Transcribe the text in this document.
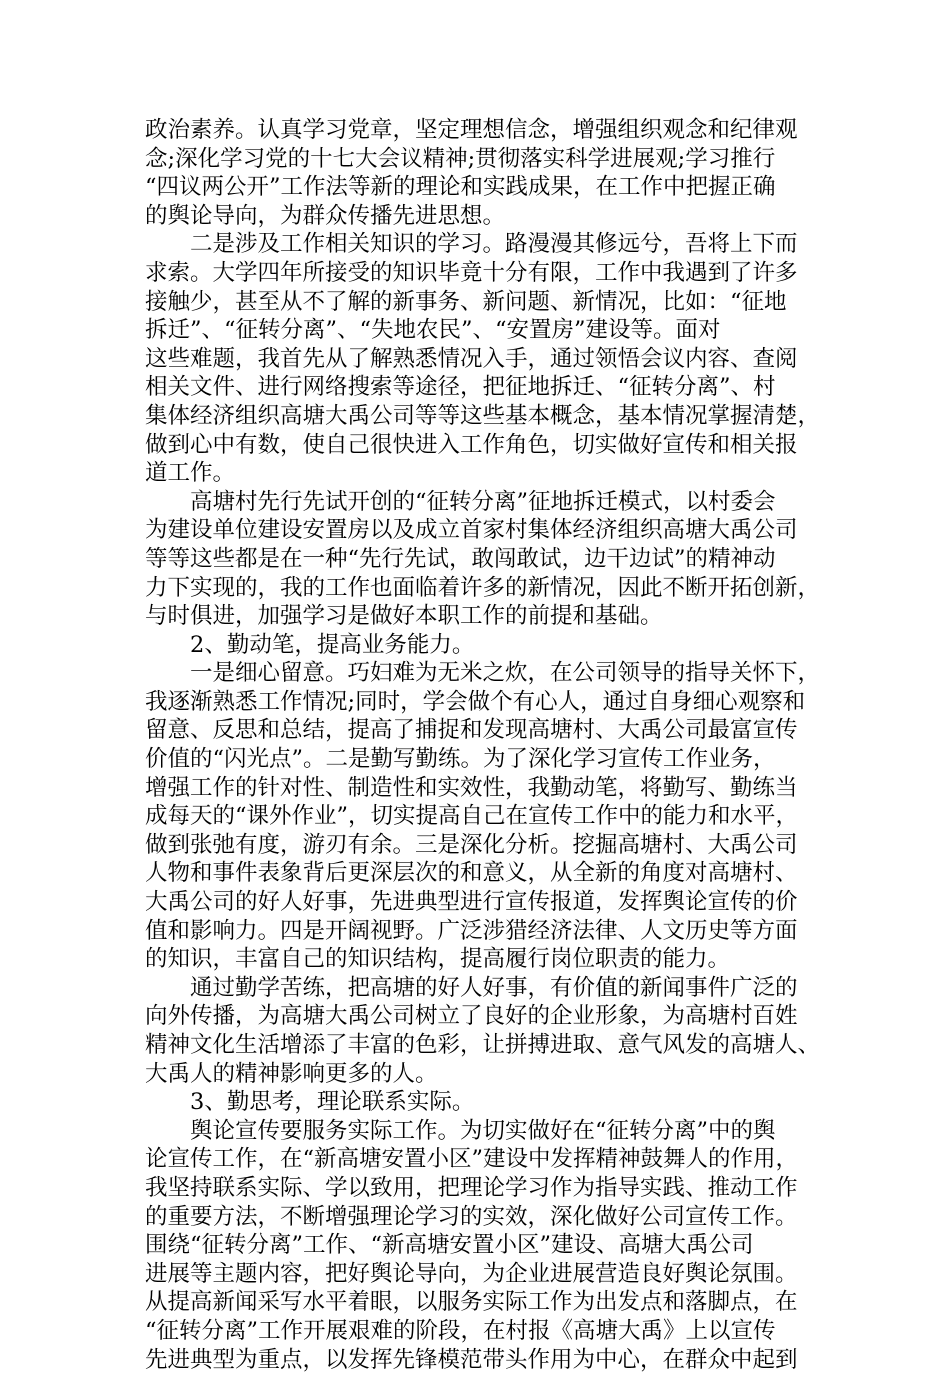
政治素养。认真学习党章，坚定理想信念，增强组织观念和纪律观
念;深化学习党的十七大会议精神;贯彻落实科学进展观;学习推行
“四议两公开”工作法等新的理论和实践成果，在工作中把握正确
的舆论导向，为群众传播先进思想。
二是涉及工作相关知识的学习。路漫漫其修远兮，吾将上下而
求索。大学四年所接受的知识毕竟十分有限，工作中我遇到了许多
接触少，甚至从不了解的新事务、新问题、新情况，比如：“征地
拆迁”、“征转分离”、“失地农民”、“安置房”建设等。面对
这些难题，我首先从了解熟悉情况入手，通过领悟会议内容、查阅
相关文件、进行网络搜索等途径，把征地拆迁、“征转分离”、村
集体经济组织高塘大禹公司等等这些基本概念，基本情况掌握清楚，
做到心中有数，使自己很快进入工作角色，切实做好宣传和相关报
道工作。
高塘村先行先试开创的“征转分离”征地拆迁模式，以村委会
为建设单位建设安置房以及成立首家村集体经济组织高塘大禹公司
等等这些都是在一种“先行先试，敢闯敢试，边干边试”的精神动
力下实现的，我的工作也面临着许多的新情况，因此不断开拓创新，
与时俱进，加强学习是做好本职工作的前提和基础。
2、勤动笔，提高业务能力。
一是细心留意。巧妇难为无米之炊，在公司领导的指导关怀下，
我逐渐熟悉工作情况;同时，学会做个有心人，通过自身细心观察和
留意、反思和总结，提高了捕捉和发现高塘村、大禹公司最富宣传
价值的“闪光点”。二是勤写勤练。为了深化学习宣传工作业务，
增强工作的针对性、制造性和实效性，我勤动笔，将勤写、勤练当
成每天的“课外作业”，切实提高自己在宣传工作中的能力和水平，
做到张弛有度，游刃有余。三是深化分析。挖掘高塘村、大禹公司
人物和事件表象背后更深层次的和意义，从全新的角度对高塘村、
大禹公司的好人好事，先进典型进行宣传报道，发挥舆论宣传的价
值和影响力。四是开阔视野。广泛涉猎经济法律、人文历史等方面
的知识，丰富自己的知识结构，提高履行岗位职责的能力。
通过勤学苦练，把高塘的好人好事，有价值的新闻事件广泛的
向外传播，为高塘大禹公司树立了良好的企业形象，为高塘村百姓
精神文化生活增添了丰富的色彩，让拼搏进取、意气风发的高塘人、
大禹人的精神影响更多的人。
3、勤思考，理论联系实际。
舆论宣传要服务实际工作。为切实做好在“征转分离”中的舆
论宣传工作，在“新高塘安置小区”建设中发挥精神鼓舞人的作用，
我坚持联系实际、学以致用，把理论学习作为指导实践、推动工作
的重要方法，不断增强理论学习的实效，深化做好公司宣传工作。
围绕“征转分离”工作、“新高塘安置小区”建设、高塘大禹公司
进展等主题内容，把好舆论导向，为企业进展营造良好舆论氛围。
从提高新闻采写水平着眼，以服务实际工作为出发点和落脚点，在
“征转分离”工作开展艰难的阶段，在村报《高塘大禹》上以宣传
先进典型为重点，以发挥先锋模范带头作用为中心，在群众中起到
